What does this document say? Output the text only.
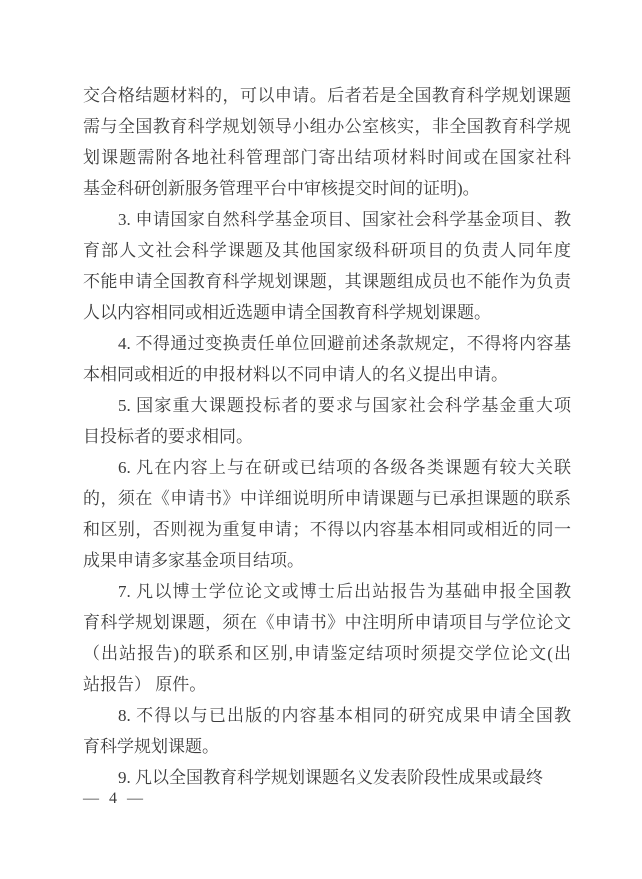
交合格结题材料的，可以申请。后者若是全国教育科学规划课题
需与全国教育科学规划领导小组办公室核实，非全国教育科学规
划课题需附各地社科管理部门寄出结项材料时间或在国家社科
基金科研创新服务管理平台中审核提交时间的证明)。
3. 申请国家自然科学基金项目、国家社会科学基金项目、教
育部人文社会科学课题及其他国家级科研项目的负责人同年度
不能申请全国教育科学规划课题，其课题组成员也不能作为负责
人以内容相同或相近选题申请全国教育科学规划课题。
4. 不得通过变换责任单位回避前述条款规定，不得将内容基
本相同或相近的申报材料以不同申请人的名义提出申请。
5. 国家重大课题投标者的要求与国家社会科学基金重大项
目投标者的要求相同。
6. 凡在内容上与在研或已结项的各级各类课题有较大关联
的，须在《申请书》中详细说明所申请课题与已承担课题的联系
和区别，否则视为重复申请；不得以内容基本相同或相近的同一
成果申请多家基金项目结项。
7. 凡以博士学位论文或博士后出站报告为基础申报全国教
育科学规划课题，须在《申请书》中注明所申请项目与学位论文
（出站报告)的联系和区别,申请鉴定结项时须提交学位论文(出
站报告） 原件。
8. 不得以与已出版的内容基本相同的研究成果申请全国教
育科学规划课题。
9. 凡以全国教育科学规划课题名义发表阶段性成果或最终
— 4 —
